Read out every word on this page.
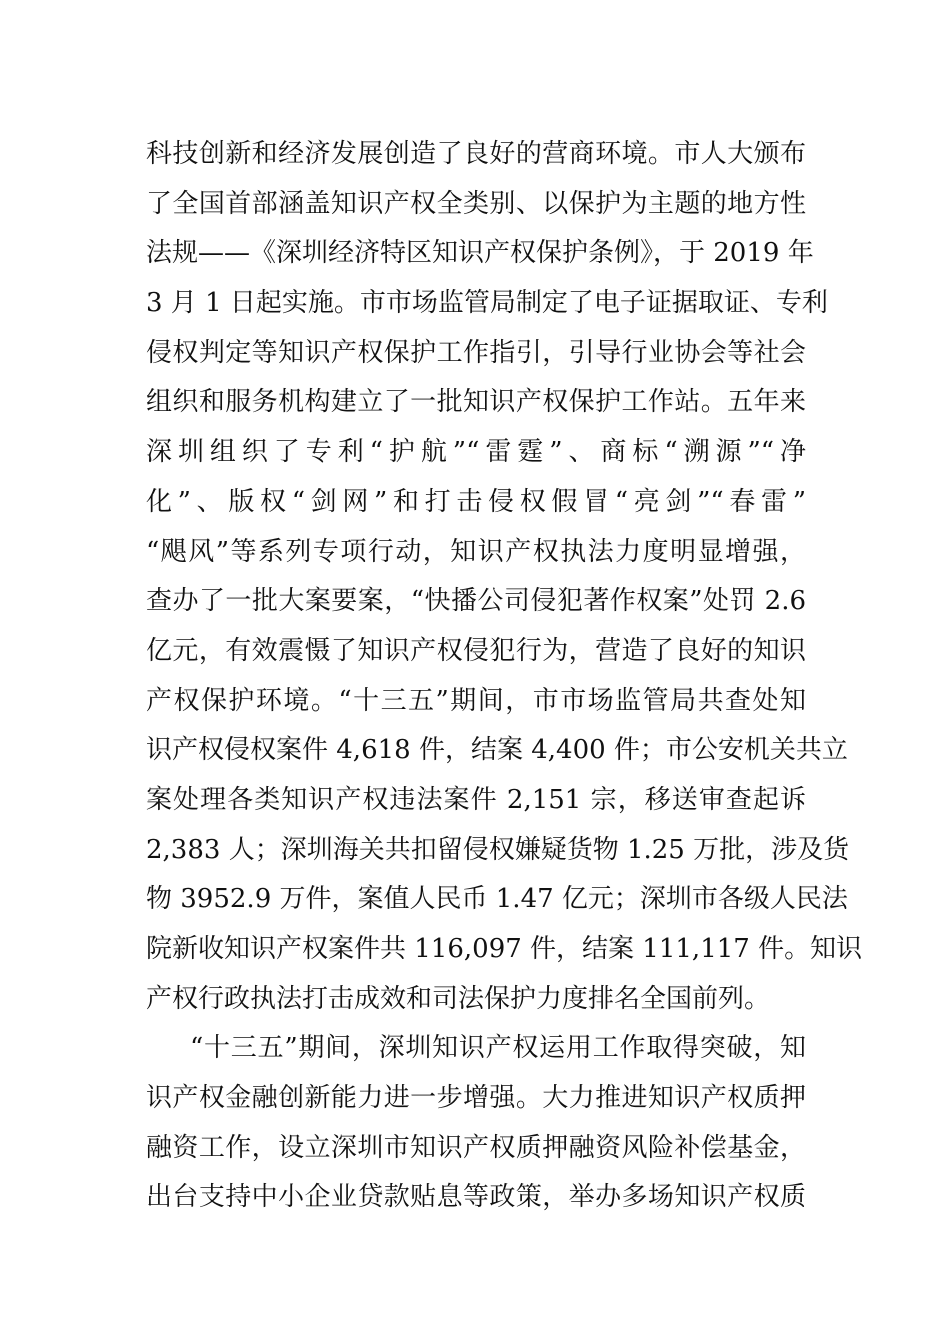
科技创新和经济发展创造了良好的营商环境。市人大颁布
了全国首部涵盖知识产权全类别、以保护为主题的地方性
法规——《深圳经济特区知识产权保护条例》，于 2019 年
3 月 1 日起实施。市市场监管局制定了电子证据取证、专利
侵权判定等知识产权保护工作指引，引导行业协会等社会
组织和服务机构建立了一批知识产权保护工作站。五年来
深圳组织了专利“护航”“雷霆”、商标“溯源”“净
化”、版权“剑网”和打击侵权假冒“亮剑”“春雷”
“飓风”等系列专项行动，知识产权执法力度明显增强，
查办了一批大案要案，“快播公司侵犯著作权案”处罚 2.6
亿元，有效震慑了知识产权侵犯行为，营造了良好的知识
产权保护环境。“十三五”期间，市市场监管局共查处知
识产权侵权案件 4,618 件，结案 4,400 件；市公安机关共立
案处理各类知识产权违法案件 2,151 宗，移送审查起诉
2,383 人；深圳海关共扣留侵权嫌疑货物 1.25 万批，涉及货
物 3952.9 万件，案值人民币 1.47 亿元；深圳市各级人民法
院新收知识产权案件共 116,097 件，结案 111,117 件。知识
产权行政执法打击成效和司法保护力度排名全国前列。
“十三五”期间，深圳知识产权运用工作取得突破，知
识产权金融创新能力进一步增强。大力推进知识产权质押
融资工作，设立深圳市知识产权质押融资风险补偿基金，
出台支持中小企业贷款贴息等政策，举办多场知识产权质
